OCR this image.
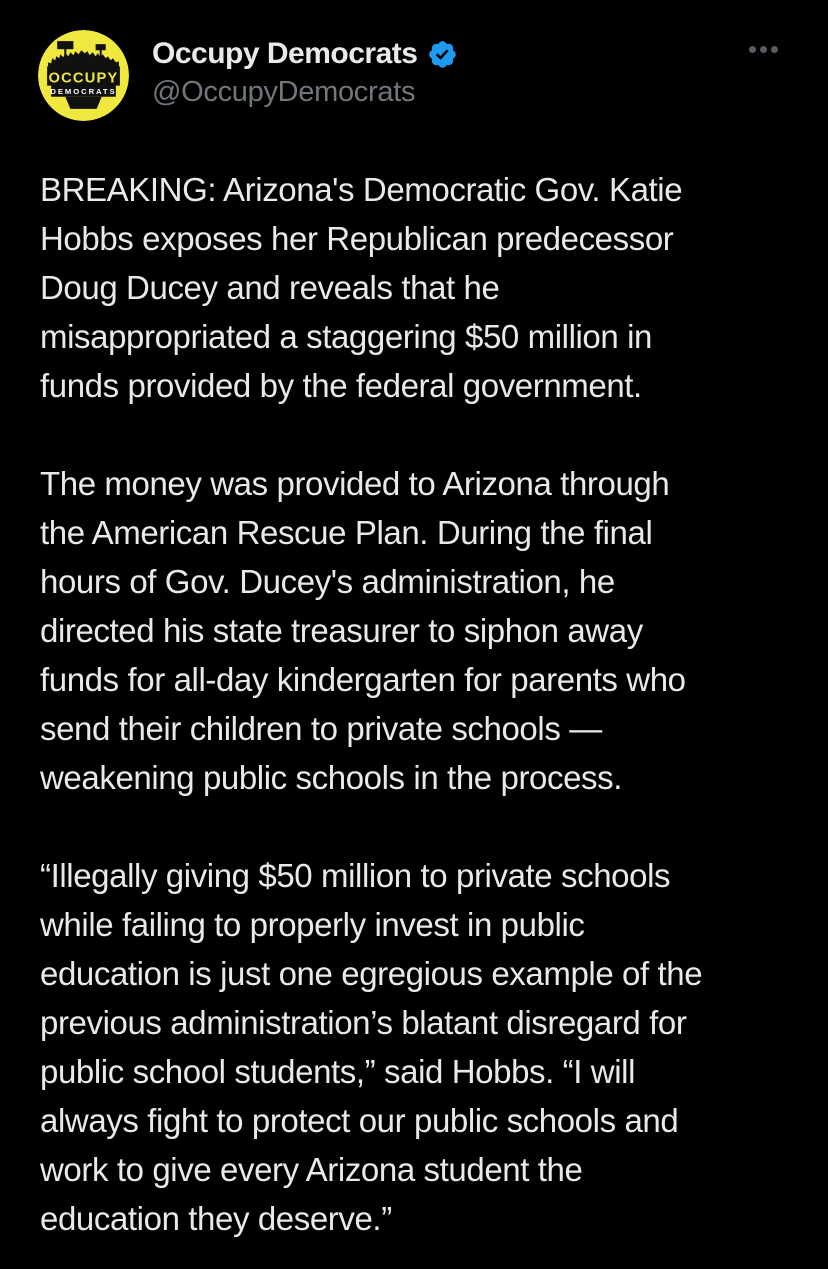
OCCUPY
DEMOCRATS
Occupy Democrats
@OccupyDemocrats
BREAKING: Arizona's Democratic Gov. Katie
Hobbs exposes her Republican predecessor
Doug Ducey and reveals that he
misappropriated a staggering $50 million in
funds provided by the federal government.
The money was provided to Arizona through
the American Rescue Plan. During the final
hours of Gov. Ducey's administration, he
directed his state treasurer to siphon away
funds for all-day kindergarten for parents who
send their children to private schools —
weakening public schools in the process.
“Illegally giving $50 million to private schools
while failing to properly invest in public
education is just one egregious example of the
previous administration’s blatant disregard for
public school students,” said Hobbs. “I will
always fight to protect our public schools and
work to give every Arizona student the
education they deserve.”
